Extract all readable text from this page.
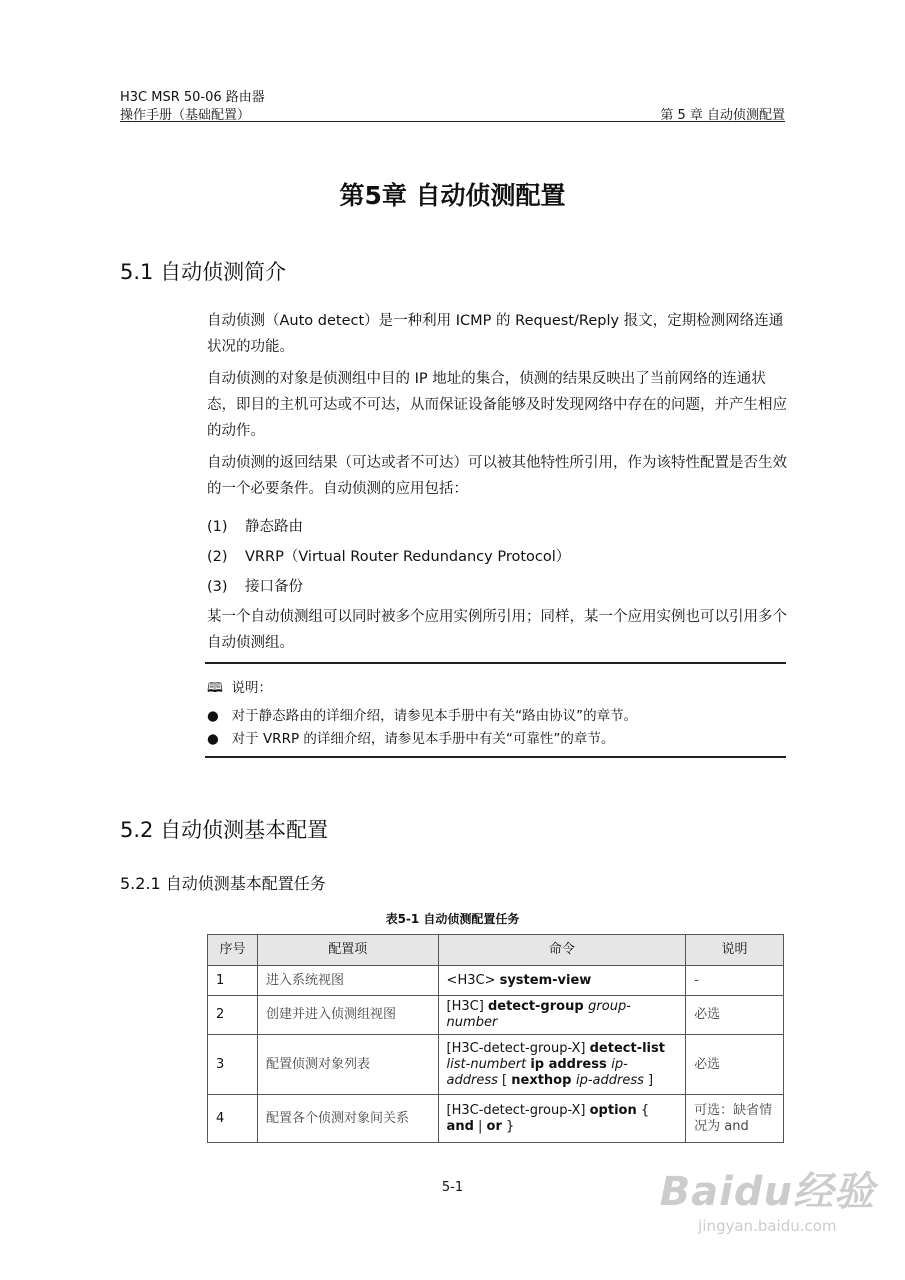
H3C MSR 50-06 路由器
操作手册（基础配置）	第 5 章 自动侦测配置
第5章 自动侦测配置
5.1 自动侦测简介
自动侦测（Auto detect）是一种利用 ICMP 的 Request/Reply 报文，定期检测网络连通状况的功能。
自动侦测的对象是侦测组中目的 IP 地址的集合，侦测的结果反映出了当前网络的连通状态，即目的主机可达或不可达，从而保证设备能够及时发现网络中存在的问题，并产生相应的动作。
自动侦测的返回结果（可达或者不可达）可以被其他特性所引用，作为该特性配置是否生效的一个必要条件。自动侦测的应用包括：
(1) 静态路由
(2) VRRP（Virtual Router Redundancy Protocol）
(3) 接口备份
某一个自动侦测组可以同时被多个应用实例所引用；同样，某一个应用实例也可以引用多个自动侦测组。
🕮 说明：
●   对于静态路由的详细介绍，请参见本手册中有关“路由协议”的章节。
●   对于 VRRP 的详细介绍，请参见本手册中有关“可靠性”的章节。
5.2 自动侦测基本配置
5.2.1 自动侦测基本配置任务
表5-1 自动侦测配置任务
序号	配置项	命令	说明
1	进入系统视图	<H3C> system-view	-
2	创建并进入侦测组视图	[H3C] detect-group group-number	必选
3	配置侦测对象列表	[H3C-detect-group-X] detect-list list-numbert ip address ip-address [ nexthop ip-address ]	必选
4	配置各个侦测对象间关系	[H3C-detect-group-X] option { and | or }	可选：缺省情况为 and
5-1	Baidu经验
jingyan.baidu.com
